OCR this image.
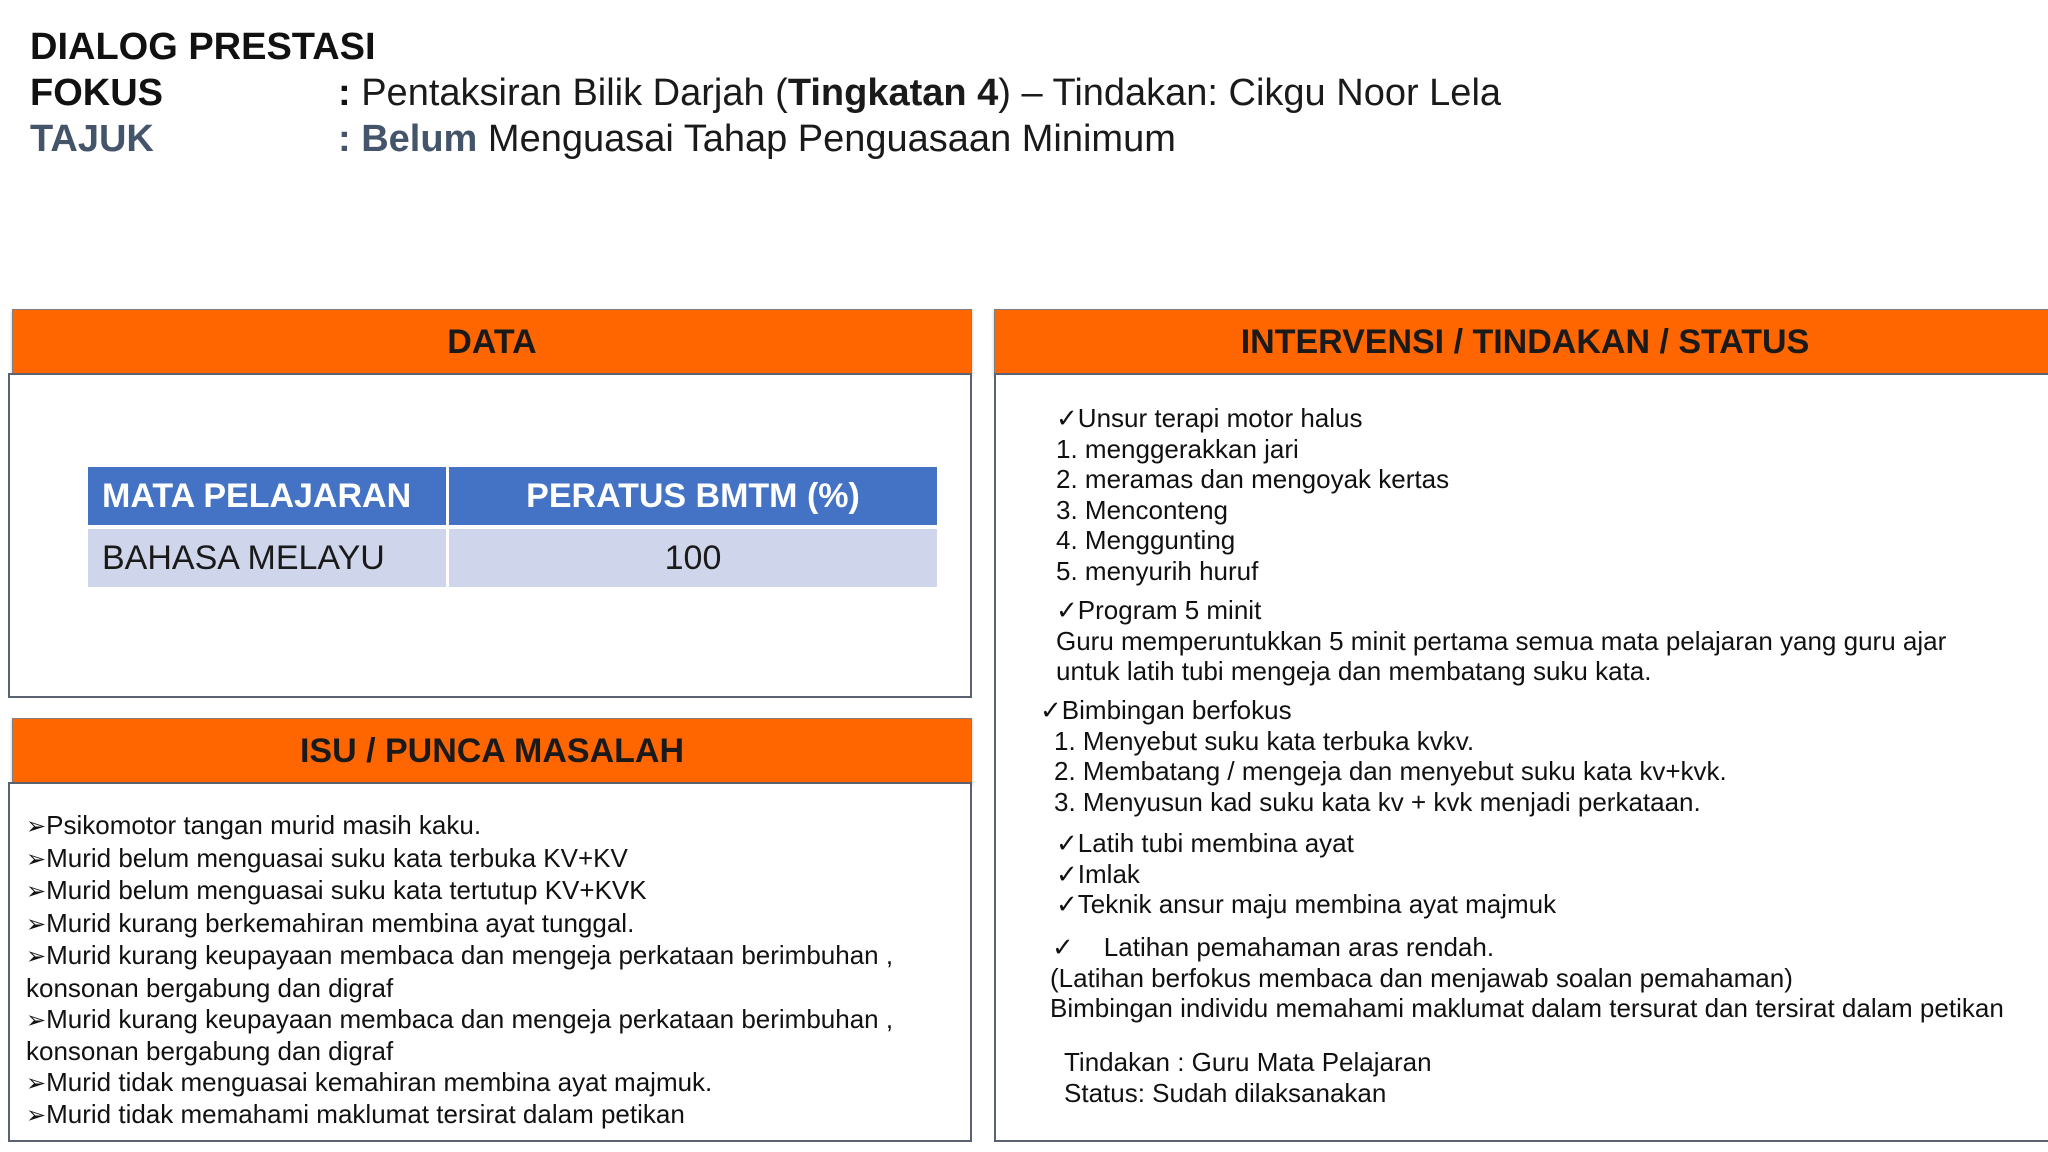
DIALOG PRESTASI
FOKUS	: Pentaksiran Bilik Darjah (Tingkatan 4) – Tindakan: Cikgu Noor Lela
TAJUK	: Belum Menguasai Tahap Penguasaan Minimum
DATA
MATA PELAJARAN	PERATUS BMTM (%)
BAHASA MELAYU	100
ISU / PUNCA MASALAH

➢Psikomotor tangan murid masih kaku.

➢Murid belum menguasai suku kata terbuka KV+KV

➢Murid belum menguasai suku kata tertutup KV+KVK

➢Murid kurang berkemahiran membina ayat tunggal.

➢Murid kurang keupayaan membaca dan mengeja perkataan berimbuhan , konsonan bergabung dan digraf

➢Murid kurang keupayaan membaca dan mengeja perkataan berimbuhan , konsonan bergabung dan digraf

➢Murid tidak menguasai kemahiran membina ayat majmuk.

➢Murid tidak memahami maklumat tersirat dalam petikan

INTERVENSI / TINDAKAN / STATUS
✓Unsur terapi motor halus
1. menggerakkan jari
2. meramas dan mengoyak kertas
3. Menconteng
4. Menggunting
5. menyurih huruf
✓Program 5 minit
Guru memperuntukkan 5 minit pertama semua mata pelajaran yang guru ajar
untuk latih tubi mengeja dan membatang suku kata.
✓Bimbingan berfokus
1. Menyebut suku kata terbuka kvkv.
2. Membatang / mengeja dan menyebut suku kata kv+kvk.
3. Menyusun kad suku kata kv + kvk menjadi perkataan.
✓Latih tubi membina ayat
✓Imlak
✓Teknik ansur maju membina ayat majmuk
✓ Latihan pemahaman aras rendah.
(Latihan berfokus membaca dan menjawab soalan pemahaman)
Bimbingan individu memahami maklumat dalam tersurat dan tersirat dalam petikan
Tindakan : Guru Mata Pelajaran
Status: Sudah dilaksanakan
